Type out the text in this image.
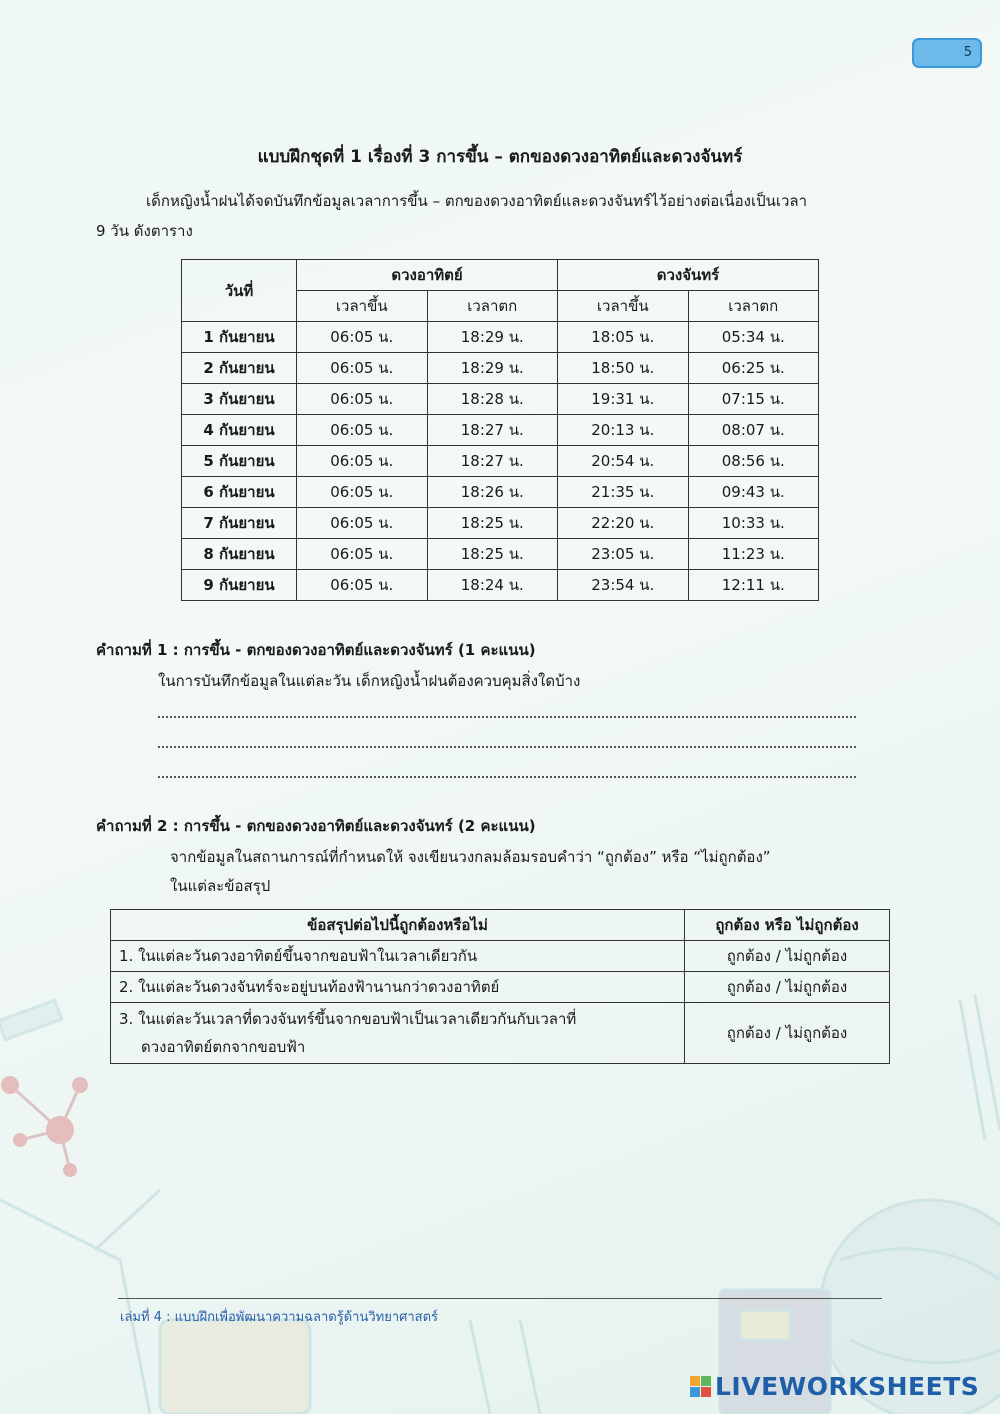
5
แบบฝึกชุดที่ 1 เรื่องที่ 3 การขึ้น – ตกของดวงอาทิตย์และดวงจันทร์
เด็กหญิงน้ำฝนได้จดบันทึกข้อมูลเวลาการขึ้น – ตกของดวงอาทิตย์และดวงจันทร์ไว้อย่างต่อเนื่องเป็นเวลา
9 วัน ดังตาราง
วันที่	ดวงอาทิตย์		ดวงจันทร์	
	เวลาขึ้น	เวลาตก	เวลาขึ้น	เวลาตก
1 กันยายน	06:05 น.	18:29 น.	18:05 น.	05:34 น.
2 กันยายน	06:05 น.	18:29 น.	18:50 น.	06:25 น.
3 กันยายน	06:05 น.	18:28 น.	19:31 น.	07:15 น.
4 กันยายน	06:05 น.	18:27 น.	20:13 น.	08:07 น.
5 กันยายน	06:05 น.	18:27 น.	20:54 น.	08:56 น.
6 กันยายน	06:05 น.	18:26 น.	21:35 น.	09:43 น.
7 กันยายน	06:05 น.	18:25 น.	22:20 น.	10:33 น.
8 กันยายน	06:05 น.	18:25 น.	23:05 น.	11:23 น.
9 กันยายน	06:05 น.	18:24 น.	23:54 น.	12:11 น.
คำถามที่ 1 : การขึ้น - ตกของดวงอาทิตย์และดวงจันทร์ (1 คะแนน)
ในการบันทึกข้อมูลในแต่ละวัน เด็กหญิงน้ำฝนต้องควบคุมสิ่งใดบ้าง
คำถามที่ 2 : การขึ้น - ตกของดวงอาทิตย์และดวงจันทร์ (2 คะแนน)
จากข้อมูลในสถานการณ์ที่กำหนดให้ จงเขียนวงกลมล้อมรอบคำว่า “ถูกต้อง” หรือ “ไม่ถูกต้อง”
ในแต่ละข้อสรุป
ข้อสรุปต่อไปนี้ถูกต้องหรือไม่	ถูกต้อง หรือ ไม่ถูกต้อง
1. ในแต่ละวันดวงอาทิตย์ขึ้นจากขอบฟ้าในเวลาเดียวกัน	ถูกต้อง / ไม่ถูกต้อง
2. ในแต่ละวันดวงจันทร์จะอยู่บนท้องฟ้านานกว่าดวงอาทิตย์	ถูกต้อง / ไม่ถูกต้อง
3. ในแต่ละวันเวลาที่ดวงจันทร์ขึ้นจากขอบฟ้าเป็นเวลาเดียวกันกับเวลาที่
ดวงอาทิตย์ตกจากขอบฟ้า	ถูกต้อง / ไม่ถูกต้อง
เล่มที่ 4 : แบบฝึกเพื่อพัฒนาความฉลาดรู้ด้านวิทยาศาสตร์
LIVEWORKSHEETS
